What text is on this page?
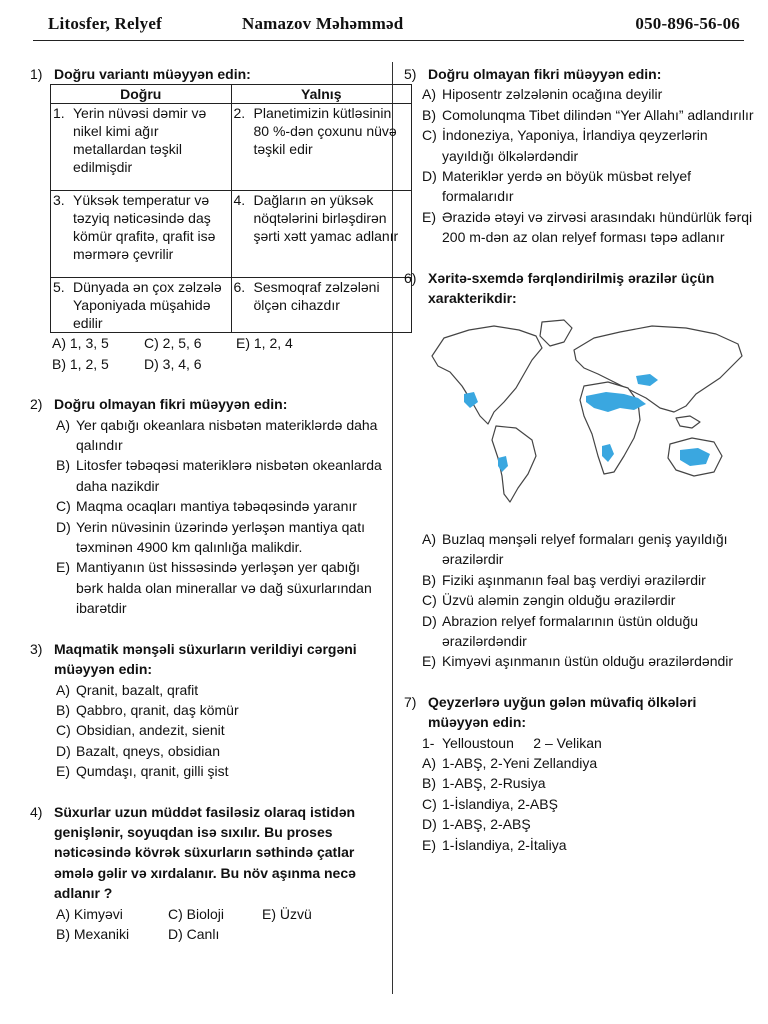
Litosfer, Relyef	Namazov Məhəmməd	050-896-56-06
1) Doğru variantı müəyyən edin:
Doğru	Yalnış

1. Yerin nüvəsi dəmir və nikel kimi ağır metallardan təşkil edilmişdir	2. Planetimizin kütləsinin 80 %-dən çoxunu nüvə təşkil edir

3. Yüksək temperatur və təzyiq nəticəsində daş kömür qrafitə, qrafit isə mərmərə çevrilir	4. Dağların ən yüksək nöqtələrini birləşdirən şərti xətt yamac adlanır

5. Dünyada ən çox zəlzələ Yaponiyada müşahidə edilir	6. Sesmoqraf zəlzələni ölçən cihazdır
A) 1, 3, 5	C) 2, 5, 6 E) 1, 2, 4
B) 1, 2, 5	D) 3, 4, 6
2) Doğru olmayan fikri müəyyən edin:
A) Yer qabığı okeanlara nisbətən materiklərdə daha qalındır
B) Litosfer təbəqəsi materiklərə nisbətən okeanlarda daha nazikdir
C) Maqma ocaqları mantiya təbəqəsində yaranır
D) Yerin nüvəsinin üzərində yerləşən mantiya qatı təxminən 4900 km qalınlığa malikdir.
E) Mantiyanın üst hissəsində yerləşən yer qabığı bərk halda olan minerallar və dağ süxurlarından ibarətdir
3) Maqmatik mənşəli süxurların verildiyi cərgəni müəyyən edin:
A) Qranit, bazalt, qrafit
B) Qabbro, qranit, daş kömür
C) Obsidian, andezit, sienit
D) Bazalt, qneys, obsidian
E) Qumdaşı, qranit, gilli şist
4) Süxurlar uzun müddət fasiləsiz olaraq istidən genişlənir, soyuqdan isə sıxılır. Bu proses nəticəsində kövrək süxurların səthində çatlar əmələ gəlir və xırdalanır. Bu növ aşınma necə adlanır ?
A) Kimyəvi	C) Bioloji	E) Üzvü
B) Mexaniki	D) Canlı
5) Doğru olmayan fikri müəyyən edin:
A) Hiposentr zəlzələnin ocağına deyilir
B) Comolunqma Tibet dilindən “Yer Allahı” adlandırılır
C) İndoneziya, Yaponiya, İrlandiya qeyzerlərin yayıldığı ölkələrdəndir
D) Materiklər yerdə ən böyük müsbət relyef formalarıdır
E) Ərazidə ətəyi və zirvəsi arasındakı hündürlük fərqi 200 m-dən az olan relyef forması təpə adlanır
6) Xəritə-sxemdə fərqləndirilmiş ərazilər üçün xarakterikdir:
A) Buzlaq mənşəli relyef formaları geniş yayıldığı ərazilərdir
B) Fiziki aşınmanın fəal baş verdiyi ərazilərdir
C) Üzvü aləmin zəngin olduğu ərazilərdir
D) Abrazion relyef formalarının üstün olduğu ərazilərdəndir
E) Kimyəvi aşınmanın üstün olduğu ərazilərdəndir
7) Qeyzerlərə uyğun gələn müvafiq ölkələri müəyyən edin:
1-  Yelloustoun     2 – Velikan
A) 1-ABŞ, 2-Yeni Zellandiya
B) 1-ABŞ, 2-Rusiya
C) 1-İslandiya, 2-ABŞ
D) 1-ABŞ, 2-ABŞ
E) 1-İslandiya, 2-İtaliya
